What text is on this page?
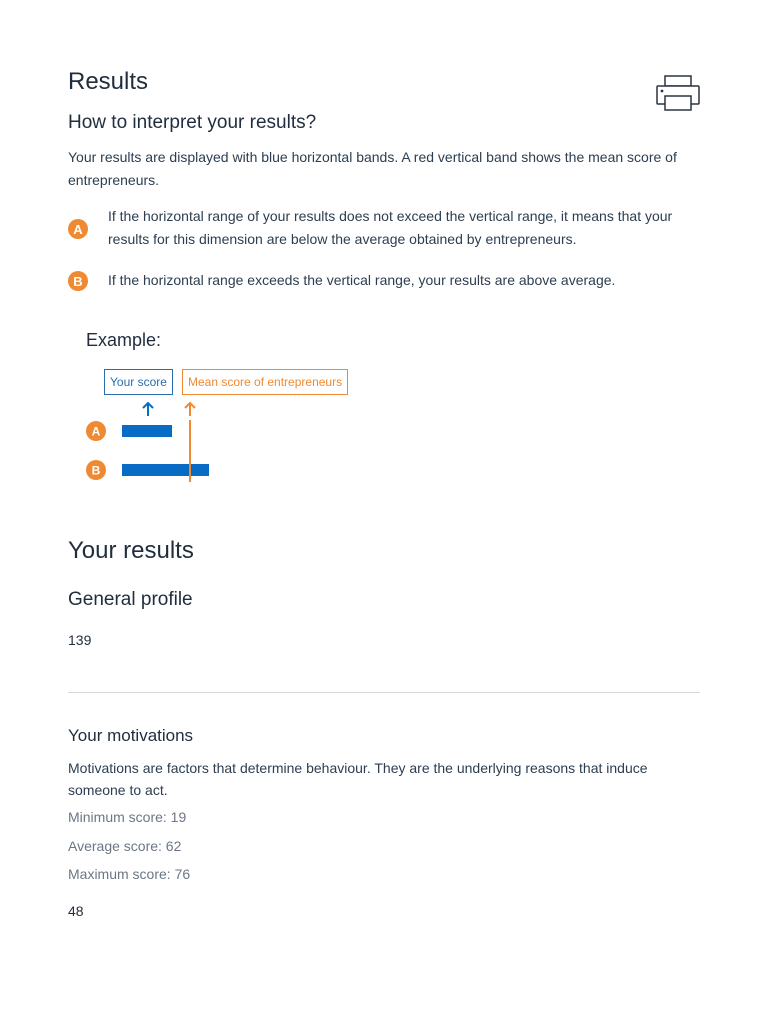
Results
How to interpret your results?
Your results are displayed with blue horizontal bands. A red vertical band shows the mean score of entrepreneurs.
A
If the horizontal range of your results does not exceed the vertical range, it means that your results for this dimension are below the average obtained by entrepreneurs.
B	If the horizontal range exceeds the vertical range, your results are above average.
Example:
Your score	Mean score of entrepreneurs
A
B
Your results
General profile
139
Your motivations
Motivations are factors that determine behaviour. They are the underlying reasons that induce someone to act.
Minimum score: 19
Average score: 62
Maximum score: 76
48
